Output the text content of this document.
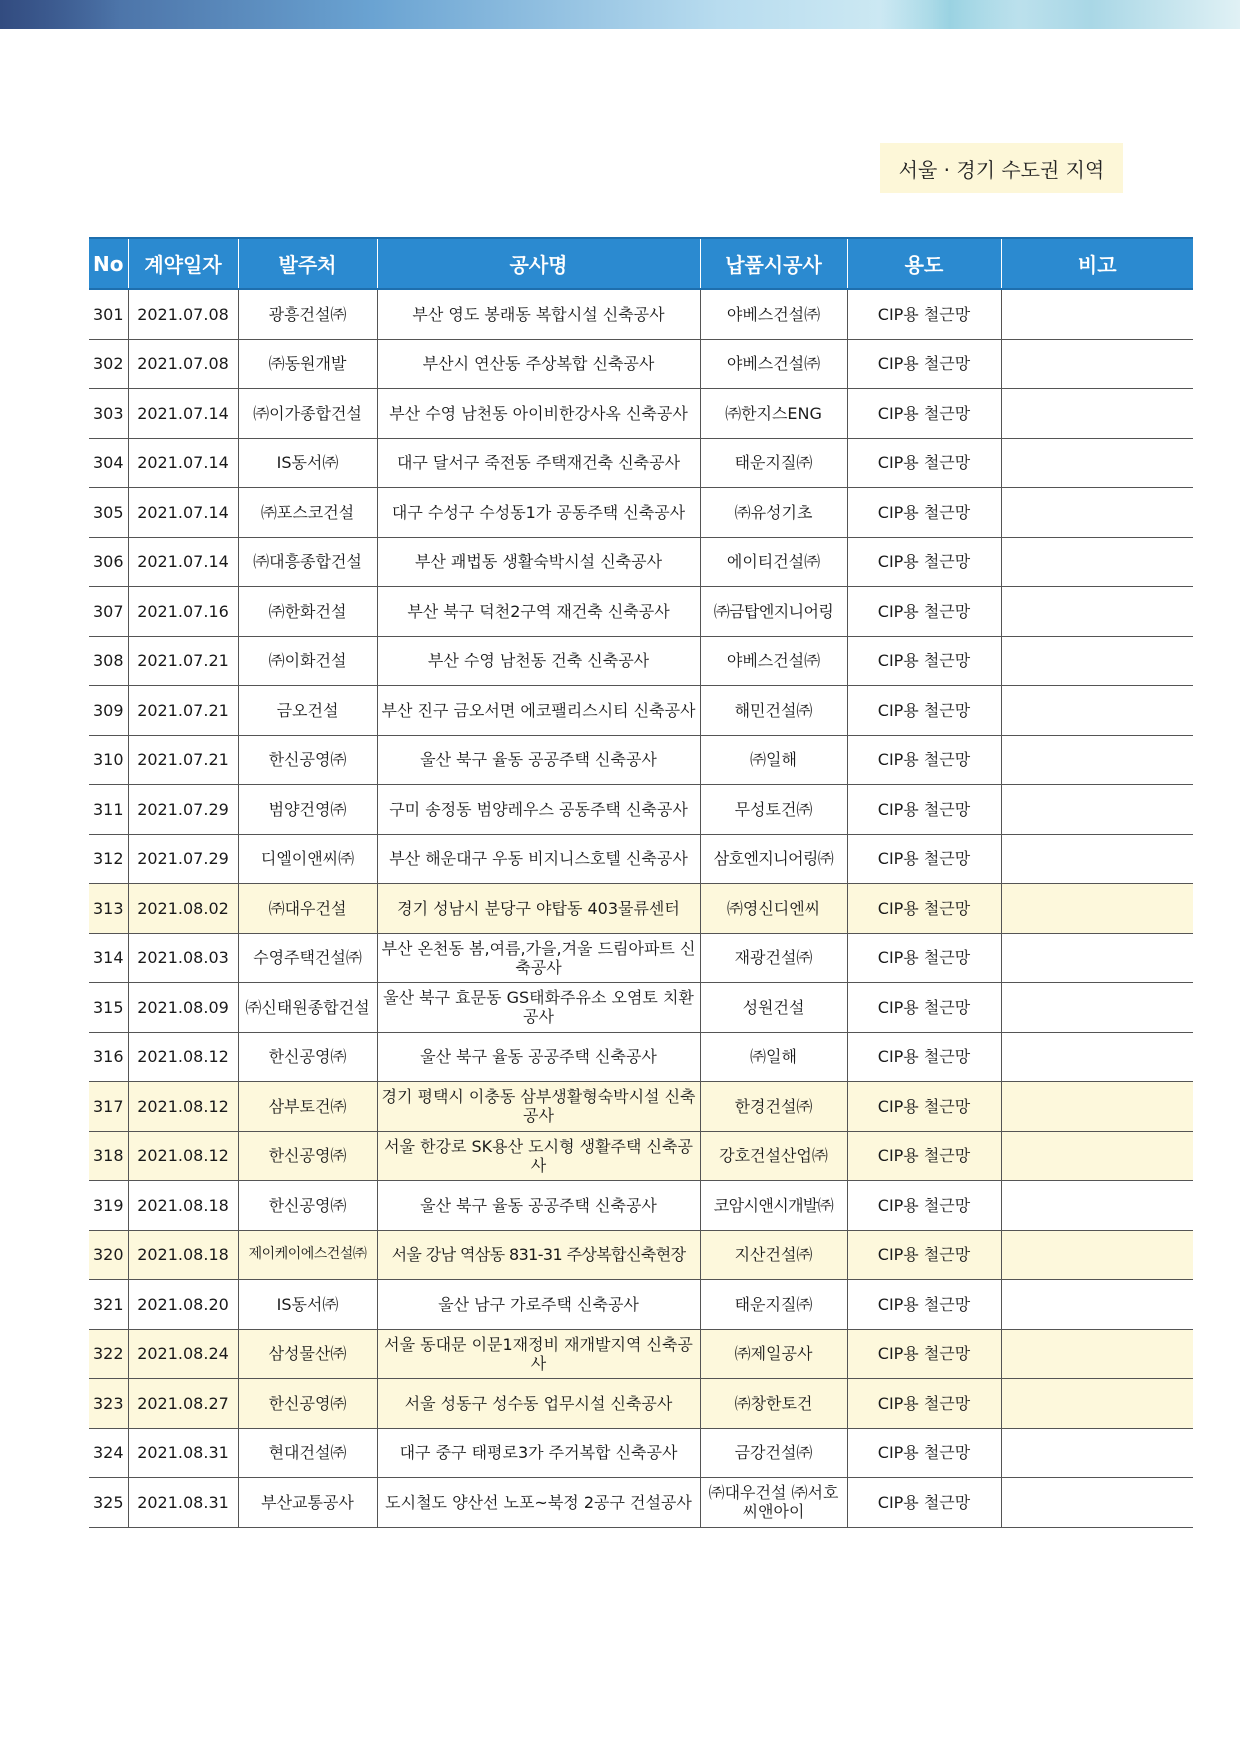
서울 · 경기 수도권 지역
No	계약일자	발주처	공사명	납품시공사	용도	비고
301	2021.07.08	광흥건설㈜	부산 영도 봉래동 복합시설 신축공사	야베스건설㈜	CIP용 철근망	
302	2021.07.08	㈜동원개발	부산시 연산동 주상복합 신축공사	야베스건설㈜	CIP용 철근망	
303	2021.07.14	㈜이가종합건설	부산 수영 남천동 아이비한강사옥 신축공사	㈜한지스ENG	CIP용 철근망	
304	2021.07.14	IS동서㈜	대구 달서구 죽전동 주택재건축 신축공사	태운지질㈜	CIP용 철근망	
305	2021.07.14	㈜포스코건설	대구 수성구 수성동1가 공동주택 신축공사	㈜유성기초	CIP용 철근망	
306	2021.07.14	㈜대흥종합건설	부산 괘법동 생활숙박시설 신축공사	에이티건설㈜	CIP용 철근망	
307	2021.07.16	㈜한화건설	부산 북구 덕천2구역 재건축 신축공사	㈜금탑엔지니어링	CIP용 철근망	
308	2021.07.21	㈜이화건설	부산 수영 남천동 건축 신축공사	야베스건설㈜	CIP용 철근망	
309	2021.07.21	금오건설	부산 진구 금오서면 에코팰리스시티 신축공사	해민건설㈜	CIP용 철근망	
310	2021.07.21	한신공영㈜	울산 북구 율동 공공주택 신축공사	㈜일해	CIP용 철근망	
311	2021.07.29	범양건영㈜	구미 송정동 범양레우스 공동주택 신축공사	무성토건㈜	CIP용 철근망	
312	2021.07.29	디엘이앤씨㈜	부산 해운대구 우동 비지니스호텔 신축공사	삼호엔지니어링㈜	CIP용 철근망	
313	2021.08.02	㈜대우건설	경기 성남시 분당구 야탑동 403물류센터	㈜영신디엔씨	CIP용 철근망	
314	2021.08.03	수영주택건설㈜	부산 온천동 봄,여름,가을,겨울 드림아파트 신축공사	재광건설㈜	CIP용 철근망	
315	2021.08.09	㈜신태원종합건설	울산 북구 효문동 GS태화주유소 오염토 치환공사	성원건설	CIP용 철근망	
316	2021.08.12	한신공영㈜	울산 북구 율동 공공주택 신축공사	㈜일해	CIP용 철근망	
317	2021.08.12	삼부토건㈜	경기 평택시 이충동 삼부생활형숙박시설 신축공사	한경건설㈜	CIP용 철근망	
318	2021.08.12	한신공영㈜	서울 한강로 SK용산 도시형 생활주택 신축공사	강호건설산업㈜	CIP용 철근망	
319	2021.08.18	한신공영㈜	울산 북구 율동 공공주택 신축공사	코암시앤시개발㈜	CIP용 철근망	
320	2021.08.18	제이케이에스건설㈜	서울 강남 역삼동 831-31 주상복합신축현장	지산건설㈜	CIP용 철근망	
321	2021.08.20	IS동서㈜	울산 남구 가로주택 신축공사	태운지질㈜	CIP용 철근망	
322	2021.08.24	삼성물산㈜	서울 동대문 이문1재정비 재개발지역 신축공사	㈜제일공사	CIP용 철근망	
323	2021.08.27	한신공영㈜	서울 성동구 성수동 업무시설 신축공사	㈜창한토건	CIP용 철근망	
324	2021.08.31	현대건설㈜	대구 중구 태평로3가 주거복합 신축공사	금강건설㈜	CIP용 철근망	
325	2021.08.31	부산교통공사	도시철도 양산선 노포~북정 2공구 건설공사	㈜대우건설 ㈜서호씨앤아이	CIP용 철근망	
